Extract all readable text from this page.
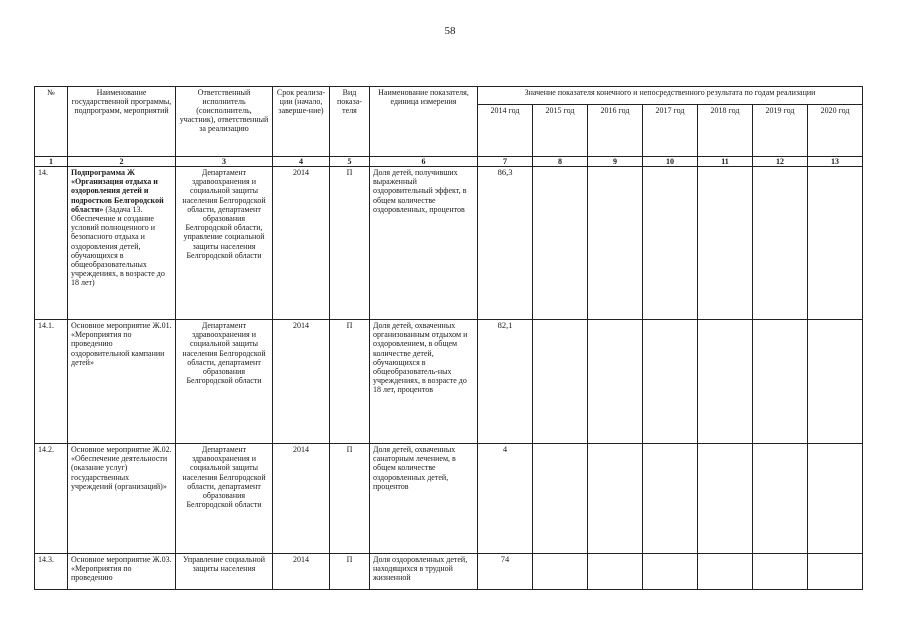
58
№	Наименование государственной программы, подпрограмм, мероприятий	Ответственный исполнитель (соисполнитель, участник), ответственный за реализацию	Срок реализа-ции (начало, заверше-ние)	Вид показа-теля	Наименование показателя, единица измерения	Значение показателя конечного и непосредственного результата по годам реализации						
						2014 год	2015 год	2016 год	2017 год	2018 год	2019 год	2020 год
1	2	3	4	5	6	7	8	9	10	11	12	13
14.	Подпрограмма Ж «Организация отдыха и оздоровления детей и подростков Белгородской области» (Задача 13. Обеспечение и создание условий полноценного и безопасного отдыха и оздоровления детей, обучающихся в общеобразовательных учреждениях, в возрасте до 18 лет)	Департамент здравоохранения и социальной защиты населения Белгородской области, департамент образования Белгородской области, управление социальной защиты населения Белгородской области	2014	П	Доля детей, получивших выраженный оздоровительный эффект, в общем количестве оздоровленных, процентов	86,3						
14.1.	Основное мероприятие Ж.01. «Мероприятия по проведению оздоровительной кампании детей»	Департамент здравоохранения и социальной защиты населения Белгородской области, департамент образования Белгородской области	2014	П	Доля детей, охваченных организованным отдыхом и оздоровлением, в общем количестве детей, обучающихся в общеобразователь-ных учреждениях, в возрасте до 18 лет, процентов	82,1						
14.2.	Основное мероприятие Ж.02. «Обеспечение деятельности (оказание услуг) государственных учреждений (организаций)»	Департамент здравоохранения и социальной защиты населения Белгородской области, департамент образования Белгородской области	2014	П	Доля детей, охваченных санаторным лечением, в общем количестве оздоровленных детей, процентов	4						
14.3.	Основное мероприятие Ж.03. «Мероприятия по проведению	Управление социальной защиты населения	2014	П	Доля оздоровленных детей, находящихся в трудной жизненной	74						
